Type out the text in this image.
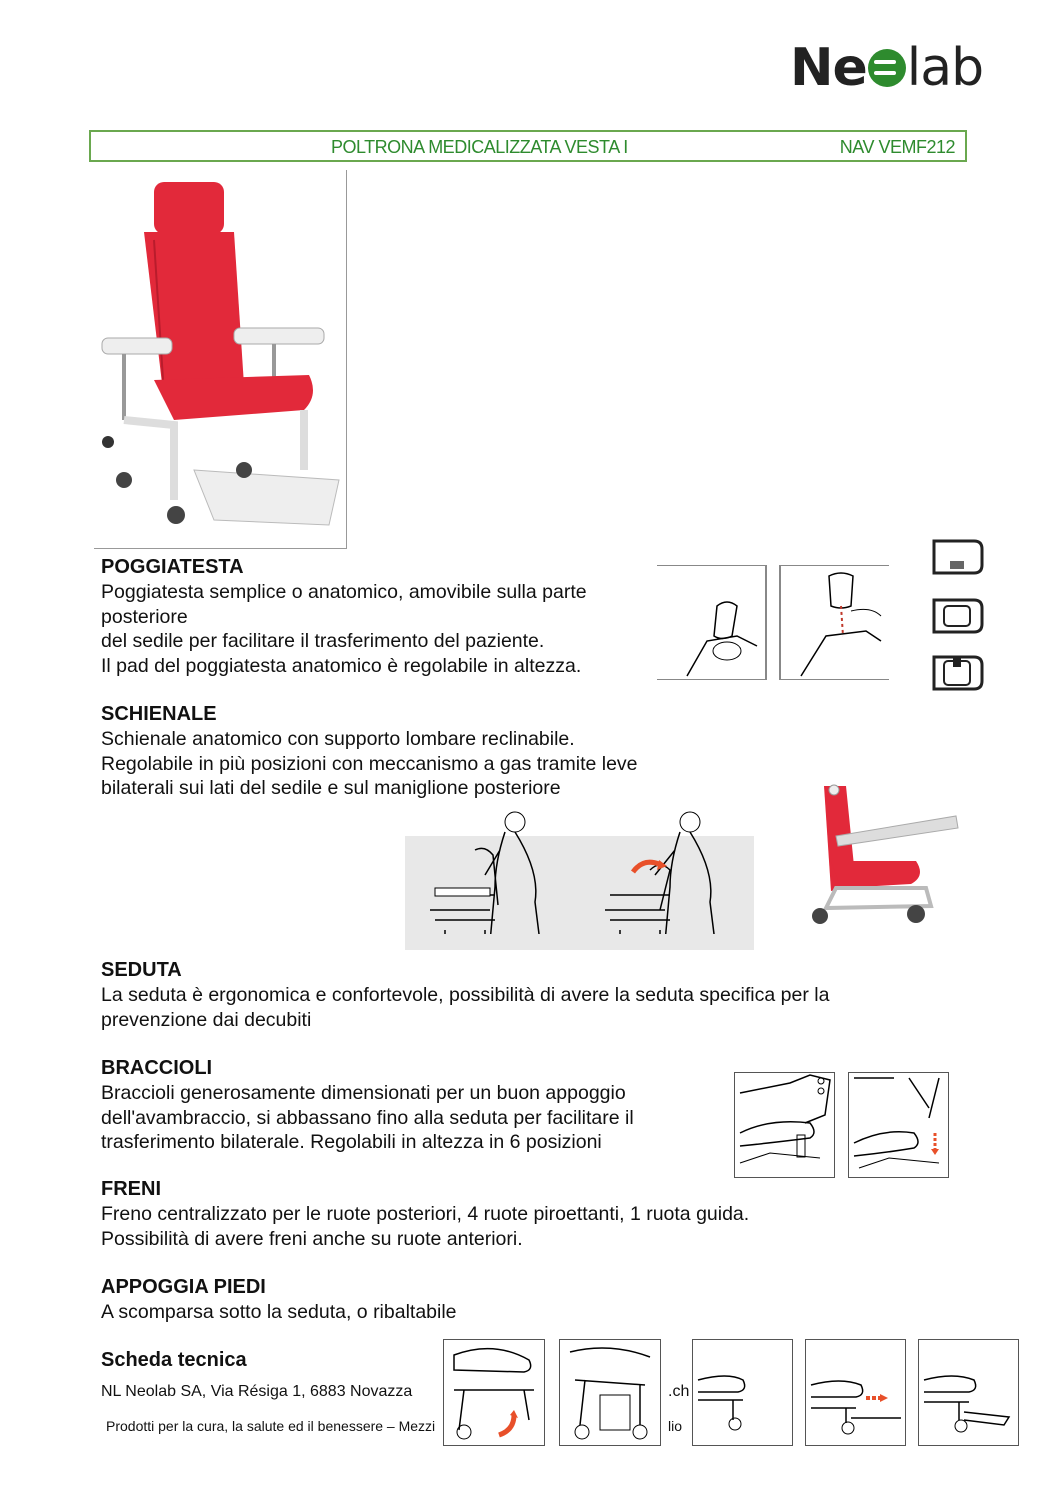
Ne lab
POLTRONA MEDICALIZZATA VESTA I	NAV VEMF212
POGGIATESTA
Poggiatesta semplice o anatomico, amovibile sulla parte
posteriore
del sedile per facilitare il trasferimento del paziente.
Il pad del poggiatesta anatomico è regolabile in altezza.
SCHIENALE
Schienale anatomico con supporto lombare reclinabile.
Regolabile in più posizioni con meccanismo a gas tramite leve
bilaterali sui lati del sedile e sul maniglione posteriore
SEDUTA
La seduta è ergonomica e confortevole, possibilità di avere la seduta specifica per la
prevenzione dai decubiti
BRACCIOLI
Braccioli generosamente dimensionati per un buon appoggio
dell'avambraccio, si abbassano fino alla seduta per facilitare il
trasferimento bilaterale. Regolabili in altezza in 6 posizioni
FRENI
Freno centralizzato per le ruote posteriori, 4 ruote piroettanti, 1 ruota guida.
Possibilità di avere freni anche su ruote anteriori.
APPOGGIA PIEDI
A scomparsa sotto la seduta, o ribaltabile
Scheda tecnica
NL Neolab SA, Via Résiga 1, 6883 Novazza	.ch
Prodotti per la cura, la salute ed il benessere – Mezzi	lio
